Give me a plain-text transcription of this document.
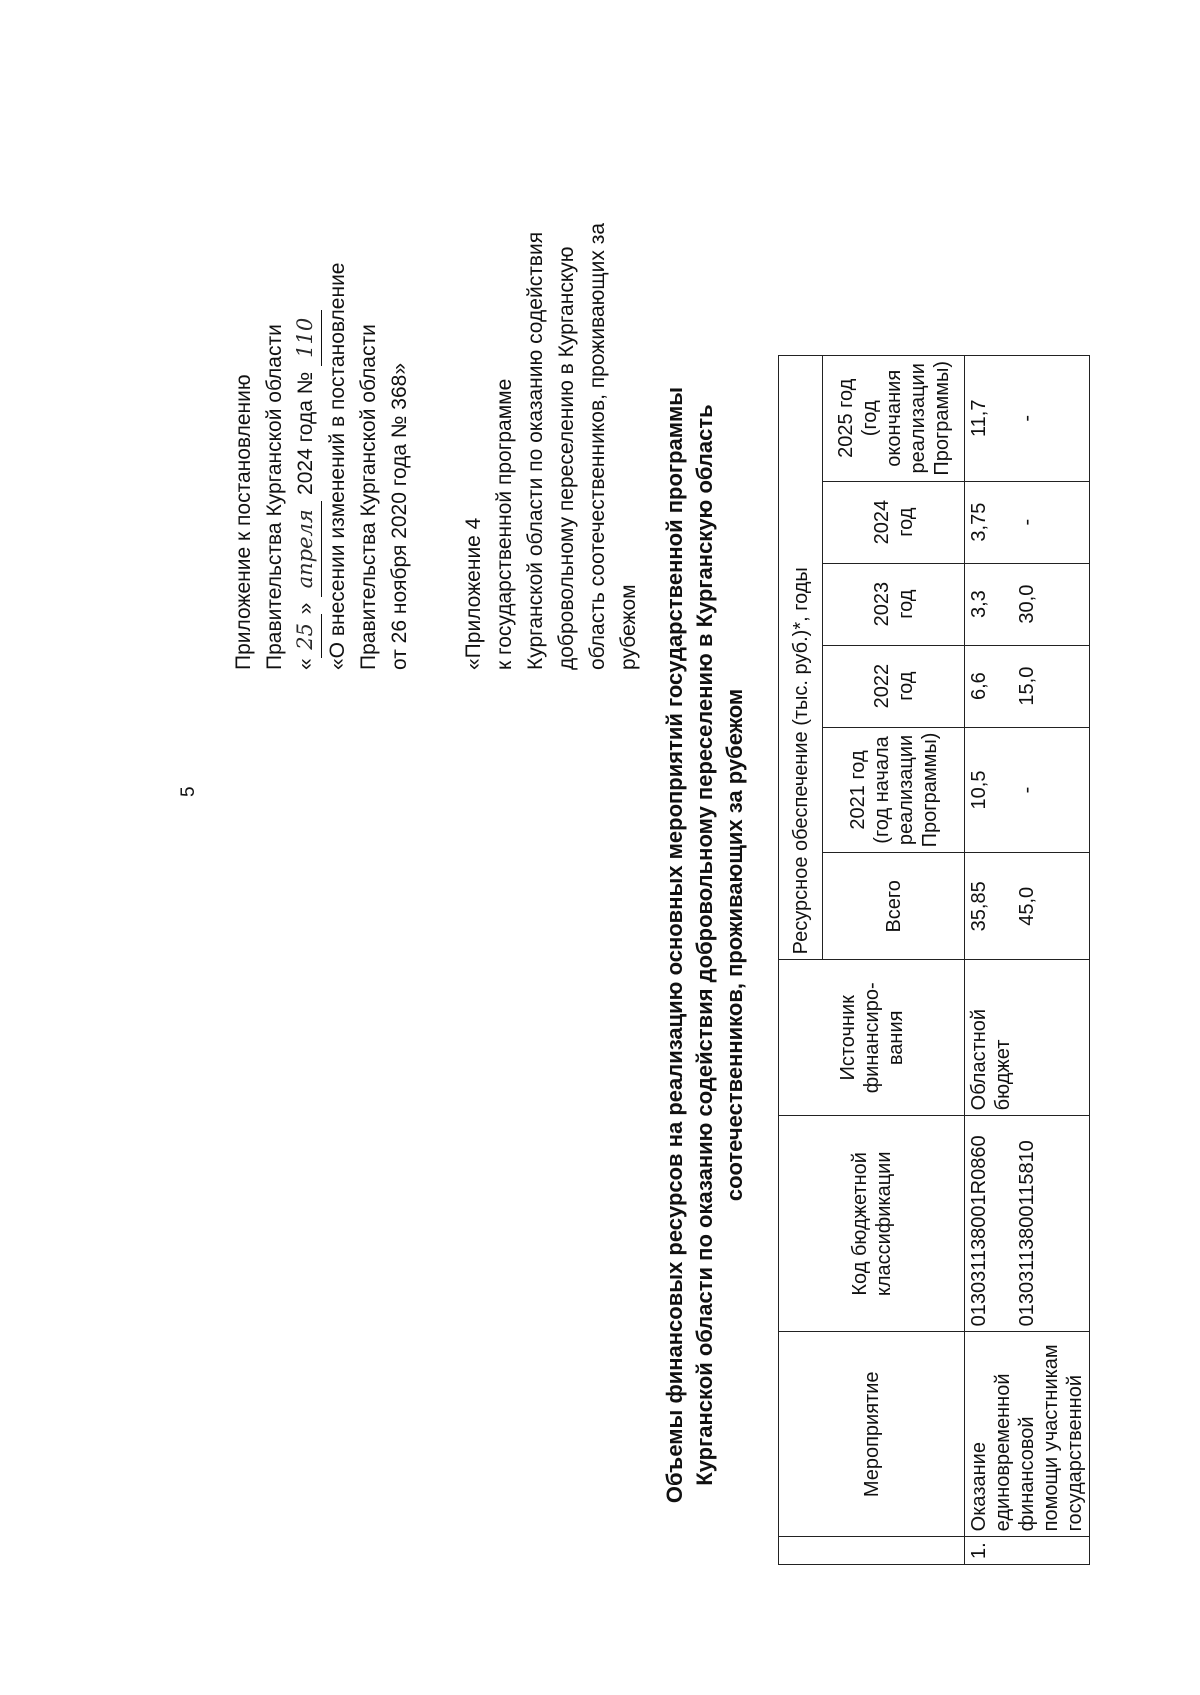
5

Приложение к постановлению Правительства Курганской области «25» апреля 2024 года № 110 «О внесении изменений в постановление Правительства Курганской области от 26 ноября 2020 года № 368» «Приложение 4 к государственной программе Курганской области по оказанию содействия добровольному переселению в Курганскую область соотечественников, проживающих за рубежом Объемы финансовых ресурсов на реализацию основных мероприятий государственной программы Курганской области по оказанию содействия добровольному переселению в Курганскую область соотечественников, проживающих за рубежом

	Мероприятие	Код бюджетной классификации	Источник финансиро-вания	Ресурсное обеспечение (тыс. руб.)*, годы					
				Всего	2021 год (год начала реализации Программы)	2022 год	2023 год	2024 год	2025 год (год окончания реализации Программы)
1.	Оказание единовременной финансовой помощи участникам государственной	013031138001R0860 01303113800115810	Областной бюджет	35,85 45,0	10,5 -	6,6 15,0	3,3 30,0	3,75 -	11,7 -
